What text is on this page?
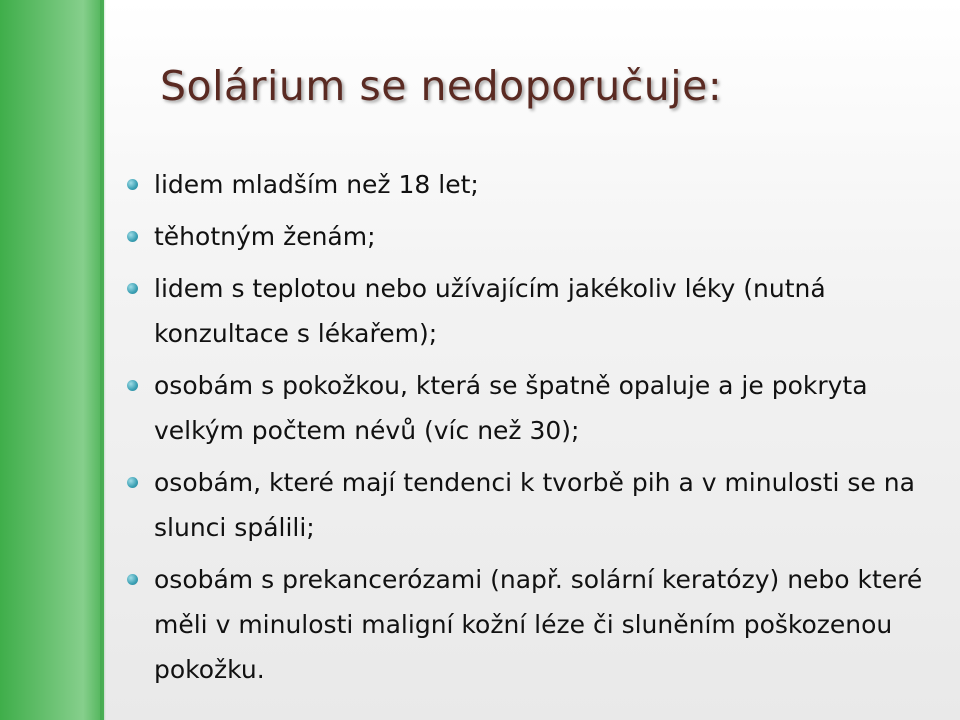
Solárium se nedoporučuje:
lidem mladším než 18 let;
těhotným ženám;
lidem s teplotou nebo užívajícím jakékoliv léky (nutná konzultace s lékařem);
osobám s pokožkou, která se špatně opaluje a je pokryta velkým počtem névů (víc než 30);
osobám, které mají tendenci k tvorbě pih a v minulosti se na slunci spálili;
osobám s prekancerózami (např. solární keratózy) nebo které měli v minulosti maligní kožní léze či sluněním poškozenou pokožku.
